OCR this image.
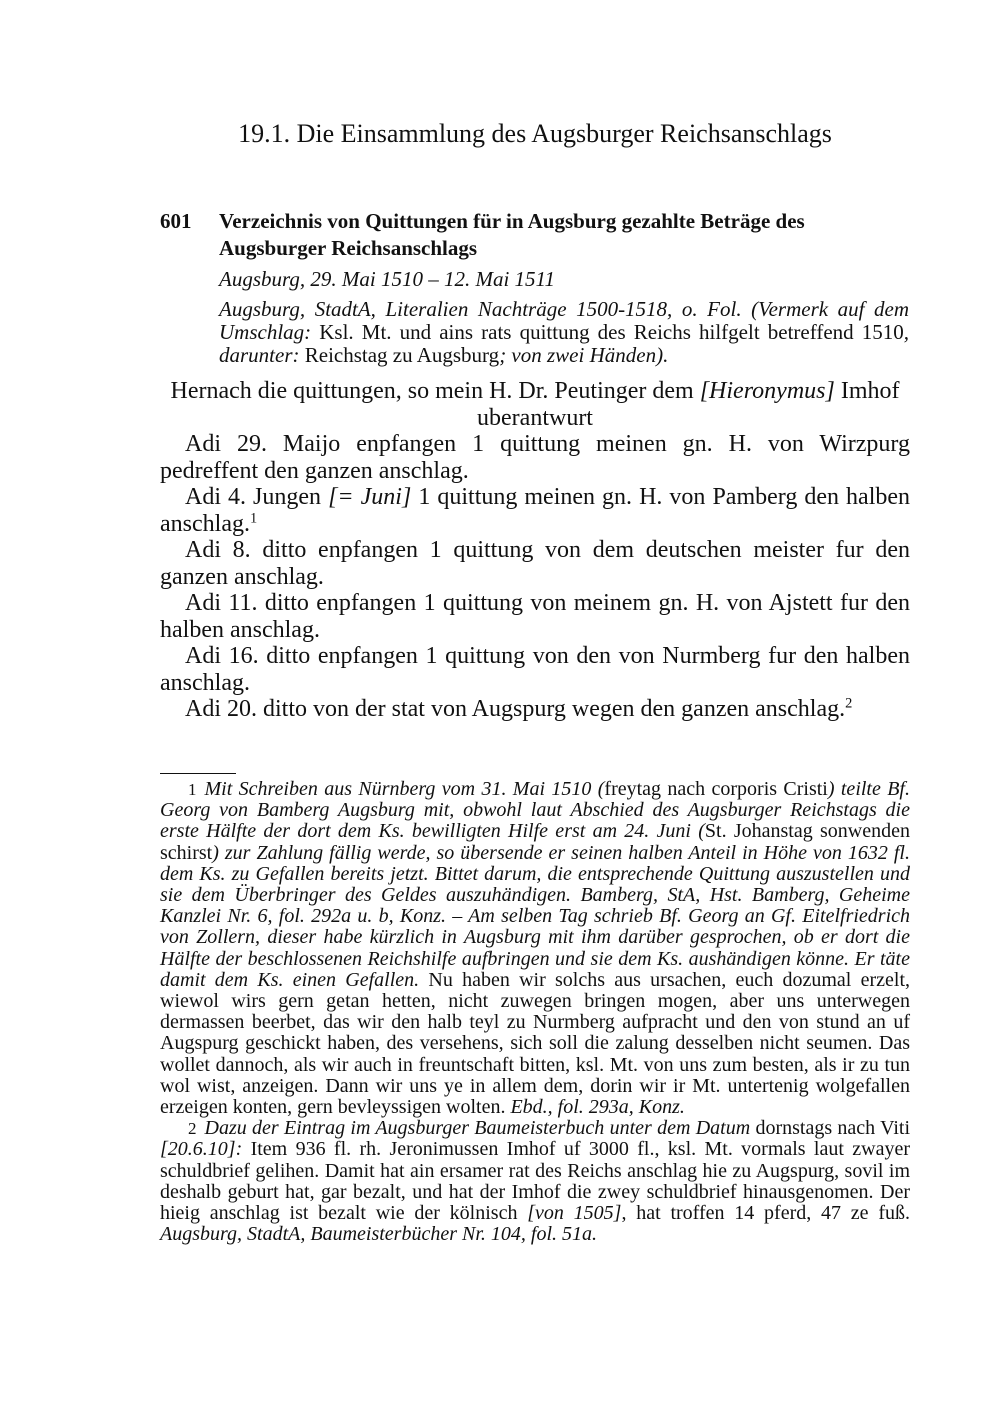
19.1. Die Einsammlung des Augsburger Reichsanschlags
601 Verzeichnis von Quittungen für in Augsburg gezahlte Beträge des Augsburger Reichsanschlags
Augsburg, 29. Mai 1510 – 12. Mai 1511
Augsburg, StadtA, Literalien Nachträge 1500-1518, o. Fol. (Vermerk auf dem Umschlag: Ksl. Mt. und ains rats quittung des Reichs hilfgelt betreffend 1510, darunter: Reichstag zu Augsburg; von zwei Händen).

Hernach die quittungen, so mein H. Dr. Peutinger dem [Hieronymus] Imhof uberantwurt

Adi 29. Maijo enpfangen 1 quittung meinen gn. H. von Wirzpurg pedreffent den ganzen anschlag.

Adi 4. Jungen [= Juni] 1 quittung meinen gn. H. von Pamberg den halben anschlag.$^1$

Adi 8. ditto enpfangen 1 quittung von dem deutschen meister fur den ganzen anschlag.

Adi 11. ditto enpfangen 1 quittung von meinem gn. H. von Ajstett fur den halben anschlag.

Adi 16. ditto enpfangen 1 quittung von den von Nurmberg fur den halben anschlag.

Adi 20. ditto von der stat von Augspurg wegen den ganzen anschlag.$^2$

1 Mit Schreiben aus Nürnberg vom 31. Mai 1510 (freytag nach corporis Cristi) teilte Bf. Georg von Bamberg Augsburg mit, obwohl laut Abschied des Augsburger Reichstags die erste Hälfte der dort dem Ks. bewilligten Hilfe erst am 24. Juni (St. Johanstag sonwenden schirst) zur Zahlung fällig werde, so übersende er seinen halben Anteil in Höhe von 1632 fl. dem Ks. zu Gefallen bereits jetzt. Bittet darum, die entsprechende Quittung auszustellen und sie dem Überbringer des Geldes auszuhändigen. Bamberg, StA, Hst. Bamberg, Geheime Kanzlei Nr. 6, fol. 292a u. b, Konz. – Am selben Tag schrieb Bf. Georg an Gf. Eitelfriedrich von Zollern, dieser habe kürzlich in Augsburg mit ihm darüber gesprochen, ob er dort die Hälfte der beschlossenen Reichshilfe aufbringen und sie dem Ks. aushändigen könne. Er täte damit dem Ks. einen Gefallen. Nu haben wir solchs aus ursachen, euch dozumal erzelt, wiewol wirs gern getan hetten, nicht zuwegen bringen mogen, aber uns unterwegen dermassen beerbet, das wir den halb teyl zu Nurmberg aufpracht und den von stund an uf Augspurg geschickt haben, des versehens, sich soll die zalung desselben nicht seumen. Das wollet dannoch, als wir auch in freuntschaft bitten, ksl. Mt. von uns zum besten, als ir zu tun wol wist, anzeigen. Dann wir uns ye in allem dem, dorin wir ir Mt. untertenig wolgefallen erzeigen konten, gern bevleyssigen wolten. Ebd., fol. 293a, Konz.

2 Dazu der Eintrag im Augsburger Baumeisterbuch unter dem Datum dornstags nach Viti [20.6.10]: Item 936 fl. rh. Jeronimussen Imhof uf 3000 fl., ksl. Mt. vormals laut zwayer schuldbrief gelihen. Damit hat ain ersamer rat des Reichs anschlag hie zu Augspurg, sovil im deshalb geburt hat, gar bezalt, und hat der Imhof die zwey schuldbrief hinausgenomen. Der hieig anschlag ist bezalt wie der kölnisch [von 1505], hat troffen 14 pferd, 47 ze fuß. Augsburg, StadtA, Baumeisterbücher Nr. 104, fol. 51a.
